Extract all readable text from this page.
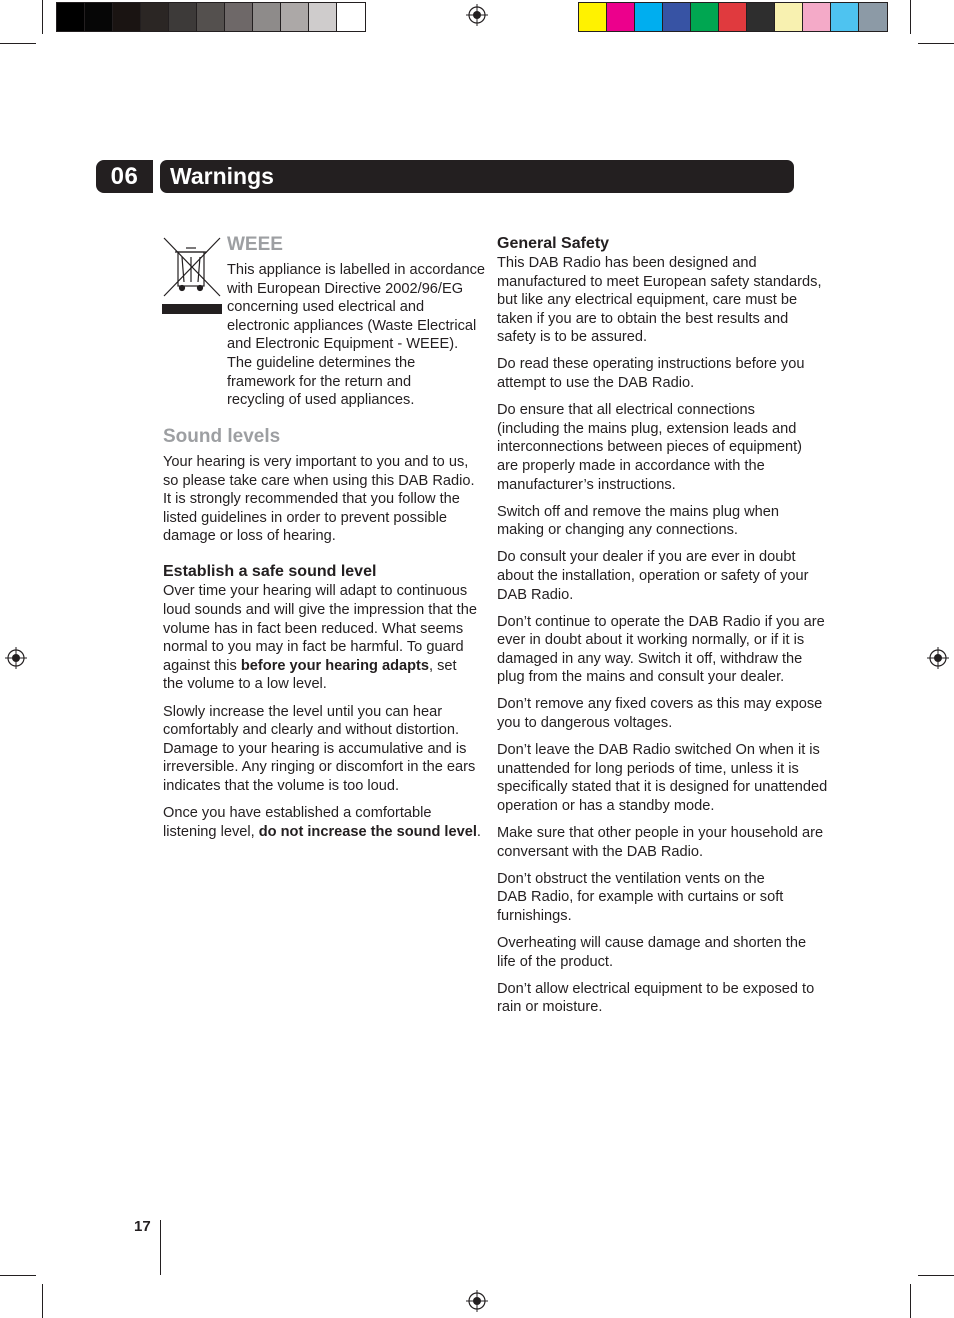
06	Warnings
WEEE
This appliance is labelled in accordance
with European Directive 2002/96/EG
concerning used electrical and
electronic appliances (Waste Electrical
and Electronic Equipment - WEEE).
The guideline determines the
framework for the return and
recycling of used appliances.
Sound levels

Your hearing is very important to you and to us,
so please take care when using this DAB Radio.
It is strongly recommended that you follow the
listed guidelines in order to prevent possible
damage or loss of hearing.

Establish a safe sound level

Over time your hearing will adapt to continuous
loud sounds and will give the impression that the
volume has in fact been reduced. What seems
normal to you may in fact be harmful. To guard
against this before your hearing adapts, set
the volume to a low level.

Slowly increase the level until you can hear
comfortably and clearly and without distortion.
Damage to your hearing is accumulative and is
irreversible. Any ringing or discomfort in the ears
indicates that the volume is too loud.

Once you have established a comfortable
listening level, do not increase the sound level.

General Safety

This DAB Radio has been designed and
manufactured to meet European safety standards,
but like any electrical equipment, care must be
taken if you are to obtain the best results and
safety is to be assured.

Do read these operating instructions before you
attempt to use the DAB Radio.

Do ensure that all electrical connections
(including the mains plug, extension leads and
interconnections between pieces of equipment)
are properly made in accordance with the
manufacturer’s instructions.

Switch off and remove the mains plug when
making or changing any connections.

Do consult your dealer if you are ever in doubt
about the installation, operation or safety of your
DAB Radio.

Don’t continue to operate the DAB Radio if you are
ever in doubt about it working normally, or if it is
damaged in any way. Switch it off, withdraw the
plug from the mains and consult your dealer.

Don’t remove any fixed covers as this may expose
you to dangerous voltages.

Don’t leave the DAB Radio switched On when it is
unattended for long periods of time, unless it is
specifically stated that it is designed for unattended
operation or has a standby mode.

Make sure that other people in your household are
conversant with the DAB Radio.

Don’t obstruct the ventilation vents on the
DAB Radio, for example with curtains or soft
furnishings.

Overheating will cause damage and shorten the
life of the product.

Don’t allow electrical equipment to be exposed to
rain or moisture.

17
